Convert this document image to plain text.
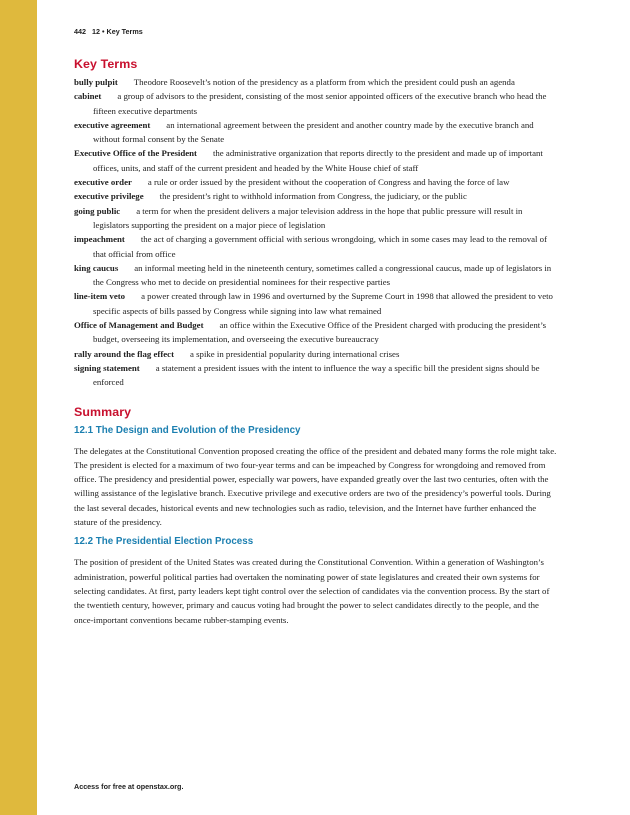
442 12 • Key Terms
Key Terms

bully pulpit Theodore Roosevelt’s notion of the presidency as a platform from which the president could push an agenda

cabinet a group of advisors to the president, consisting of the most senior appointed officers of the executive branch who head the fifteen executive departments

executive agreement an international agreement between the president and another country made by the executive branch and without formal consent by the Senate

Executive Office of the President the administrative organization that reports directly to the president and made up of important offices, units, and staff of the current president and headed by the White House chief of staff

executive order a rule or order issued by the president without the cooperation of Congress and having the force of law

executive privilege the president’s right to withhold information from Congress, the judiciary, or the public

going public a term for when the president delivers a major television address in the hope that public pressure will result in legislators supporting the president on a major piece of legislation

impeachment the act of charging a government official with serious wrongdoing, which in some cases may lead to the removal of that official from office

king caucus an informal meeting held in the nineteenth century, sometimes called a congressional caucus, made up of legislators in the Congress who met to decide on presidential nominees for their respective parties

line-item veto a power created through law in 1996 and overturned by the Supreme Court in 1998 that allowed the president to veto specific aspects of bills passed by Congress while signing into law what remained

Office of Management and Budget an office within the Executive Office of the President charged with producing the president’s budget, overseeing its implementation, and overseeing the executive bureaucracy

rally around the flag effect a spike in presidential popularity during international crises

signing statement a statement a president issues with the intent to influence the way a specific bill the president signs should be enforced

Summary
12.1 The Design and Evolution of the Presidency

The delegates at the Constitutional Convention proposed creating the office of the president and debated many forms the role might take. The president is elected for a maximum of two four-year terms and can be impeached by Congress for wrongdoing and removed from office. The presidency and presidential power, especially war powers, have expanded greatly over the last two centuries, often with the willing assistance of the legislative branch. Executive privilege and executive orders are two of the presidency’s powerful tools. During the last several decades, historical events and new technologies such as radio, television, and the Internet have further enhanced the stature of the presidency.

12.2 The Presidential Election Process

The position of president of the United States was created during the Constitutional Convention. Within a generation of Washington’s administration, powerful political parties had overtaken the nominating power of state legislatures and created their own systems for selecting candidates. At first, party leaders kept tight control over the selection of candidates via the convention process. By the start of the twentieth century, however, primary and caucus voting had brought the power to select candidates directly to the people, and the once-important conventions became rubber-stamping events.

Access for free at openstax.org.
